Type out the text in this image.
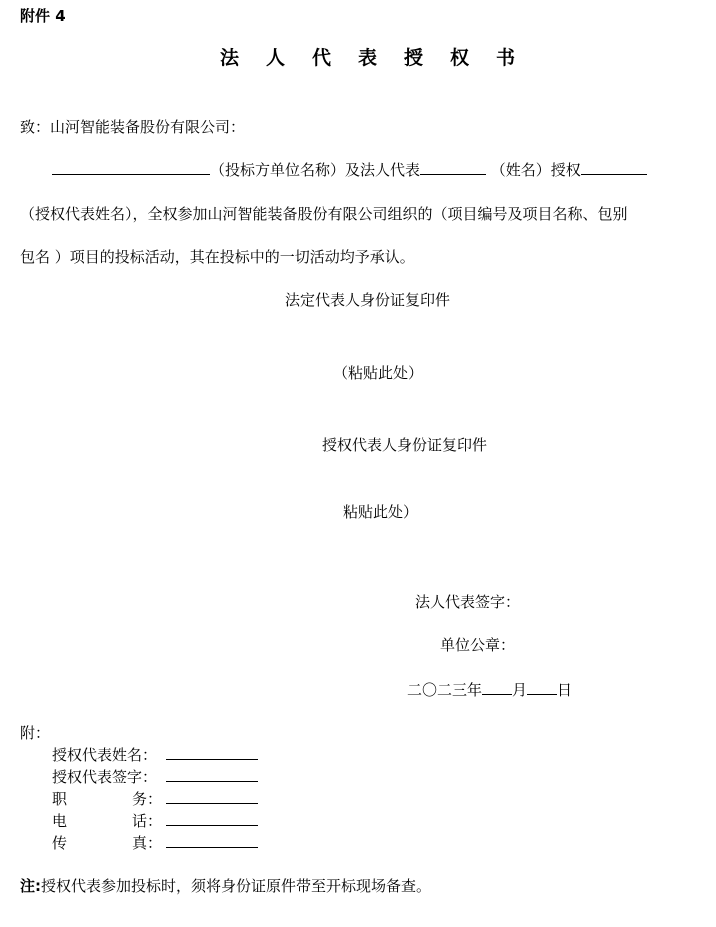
附件 4
法人代表授权书
致：山河智能装备股份有限公司：
（投标方单位名称）及法人代表	（姓名）授权
（授权代表姓名），全权参加山河智能装备股份有限公司组织的（项目编号及项目名称、包别
包名 ）项目的投标活动，其在投标中的一切活动均予承认。
法定代表人身份证复印件
（粘贴此处）
授权代表人身份证复印件
粘贴此处）
法人代表签字：
单位公章：
二〇二三年 月 日
附：
授权代表姓名：
授权代表签字：
职	务：
电	话：
传	真：
注:授权代表参加投标时，须将身份证原件带至开标现场备查。
